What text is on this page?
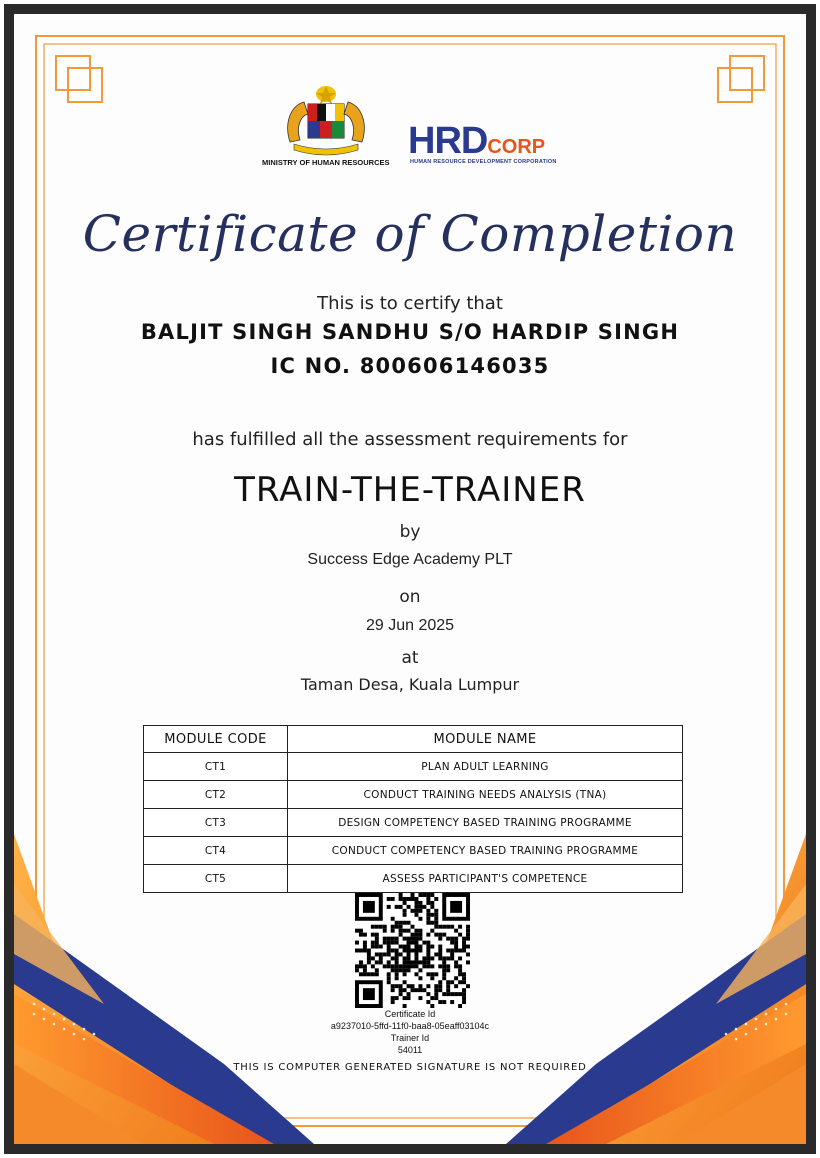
MINISTRY OF HUMAN RESOURCES
HRDCORP
HUMAN RESOURCE DEVELOPMENT CORPORATION
Certificate of Completion
This is to certify that
BALJIT SINGH SANDHU S/O HARDIP SINGH
IC NO. 800606146035
has fulfilled all the assessment requirements for
TRAIN-THE-TRAINER
by
Success Edge Academy PLT
on
29 Jun 2025
at
Taman Desa, Kuala Lumpur
MODULE CODE	MODULE NAME
CT1	PLAN ADULT LEARNING
CT2	CONDUCT TRAINING NEEDS ANALYSIS (TNA)
CT3	DESIGN COMPETENCY BASED TRAINING PROGRAMME
CT4	CONDUCT COMPETENCY BASED TRAINING PROGRAMME
CT5	ASSESS PARTICIPANT'S COMPETENCE
Certificate Id
a9237010-5ffd-11f0-baa8-05eaff03104c
Trainer Id
54011
THIS IS COMPUTER GENERATED SIGNATURE IS NOT REQUIRED
